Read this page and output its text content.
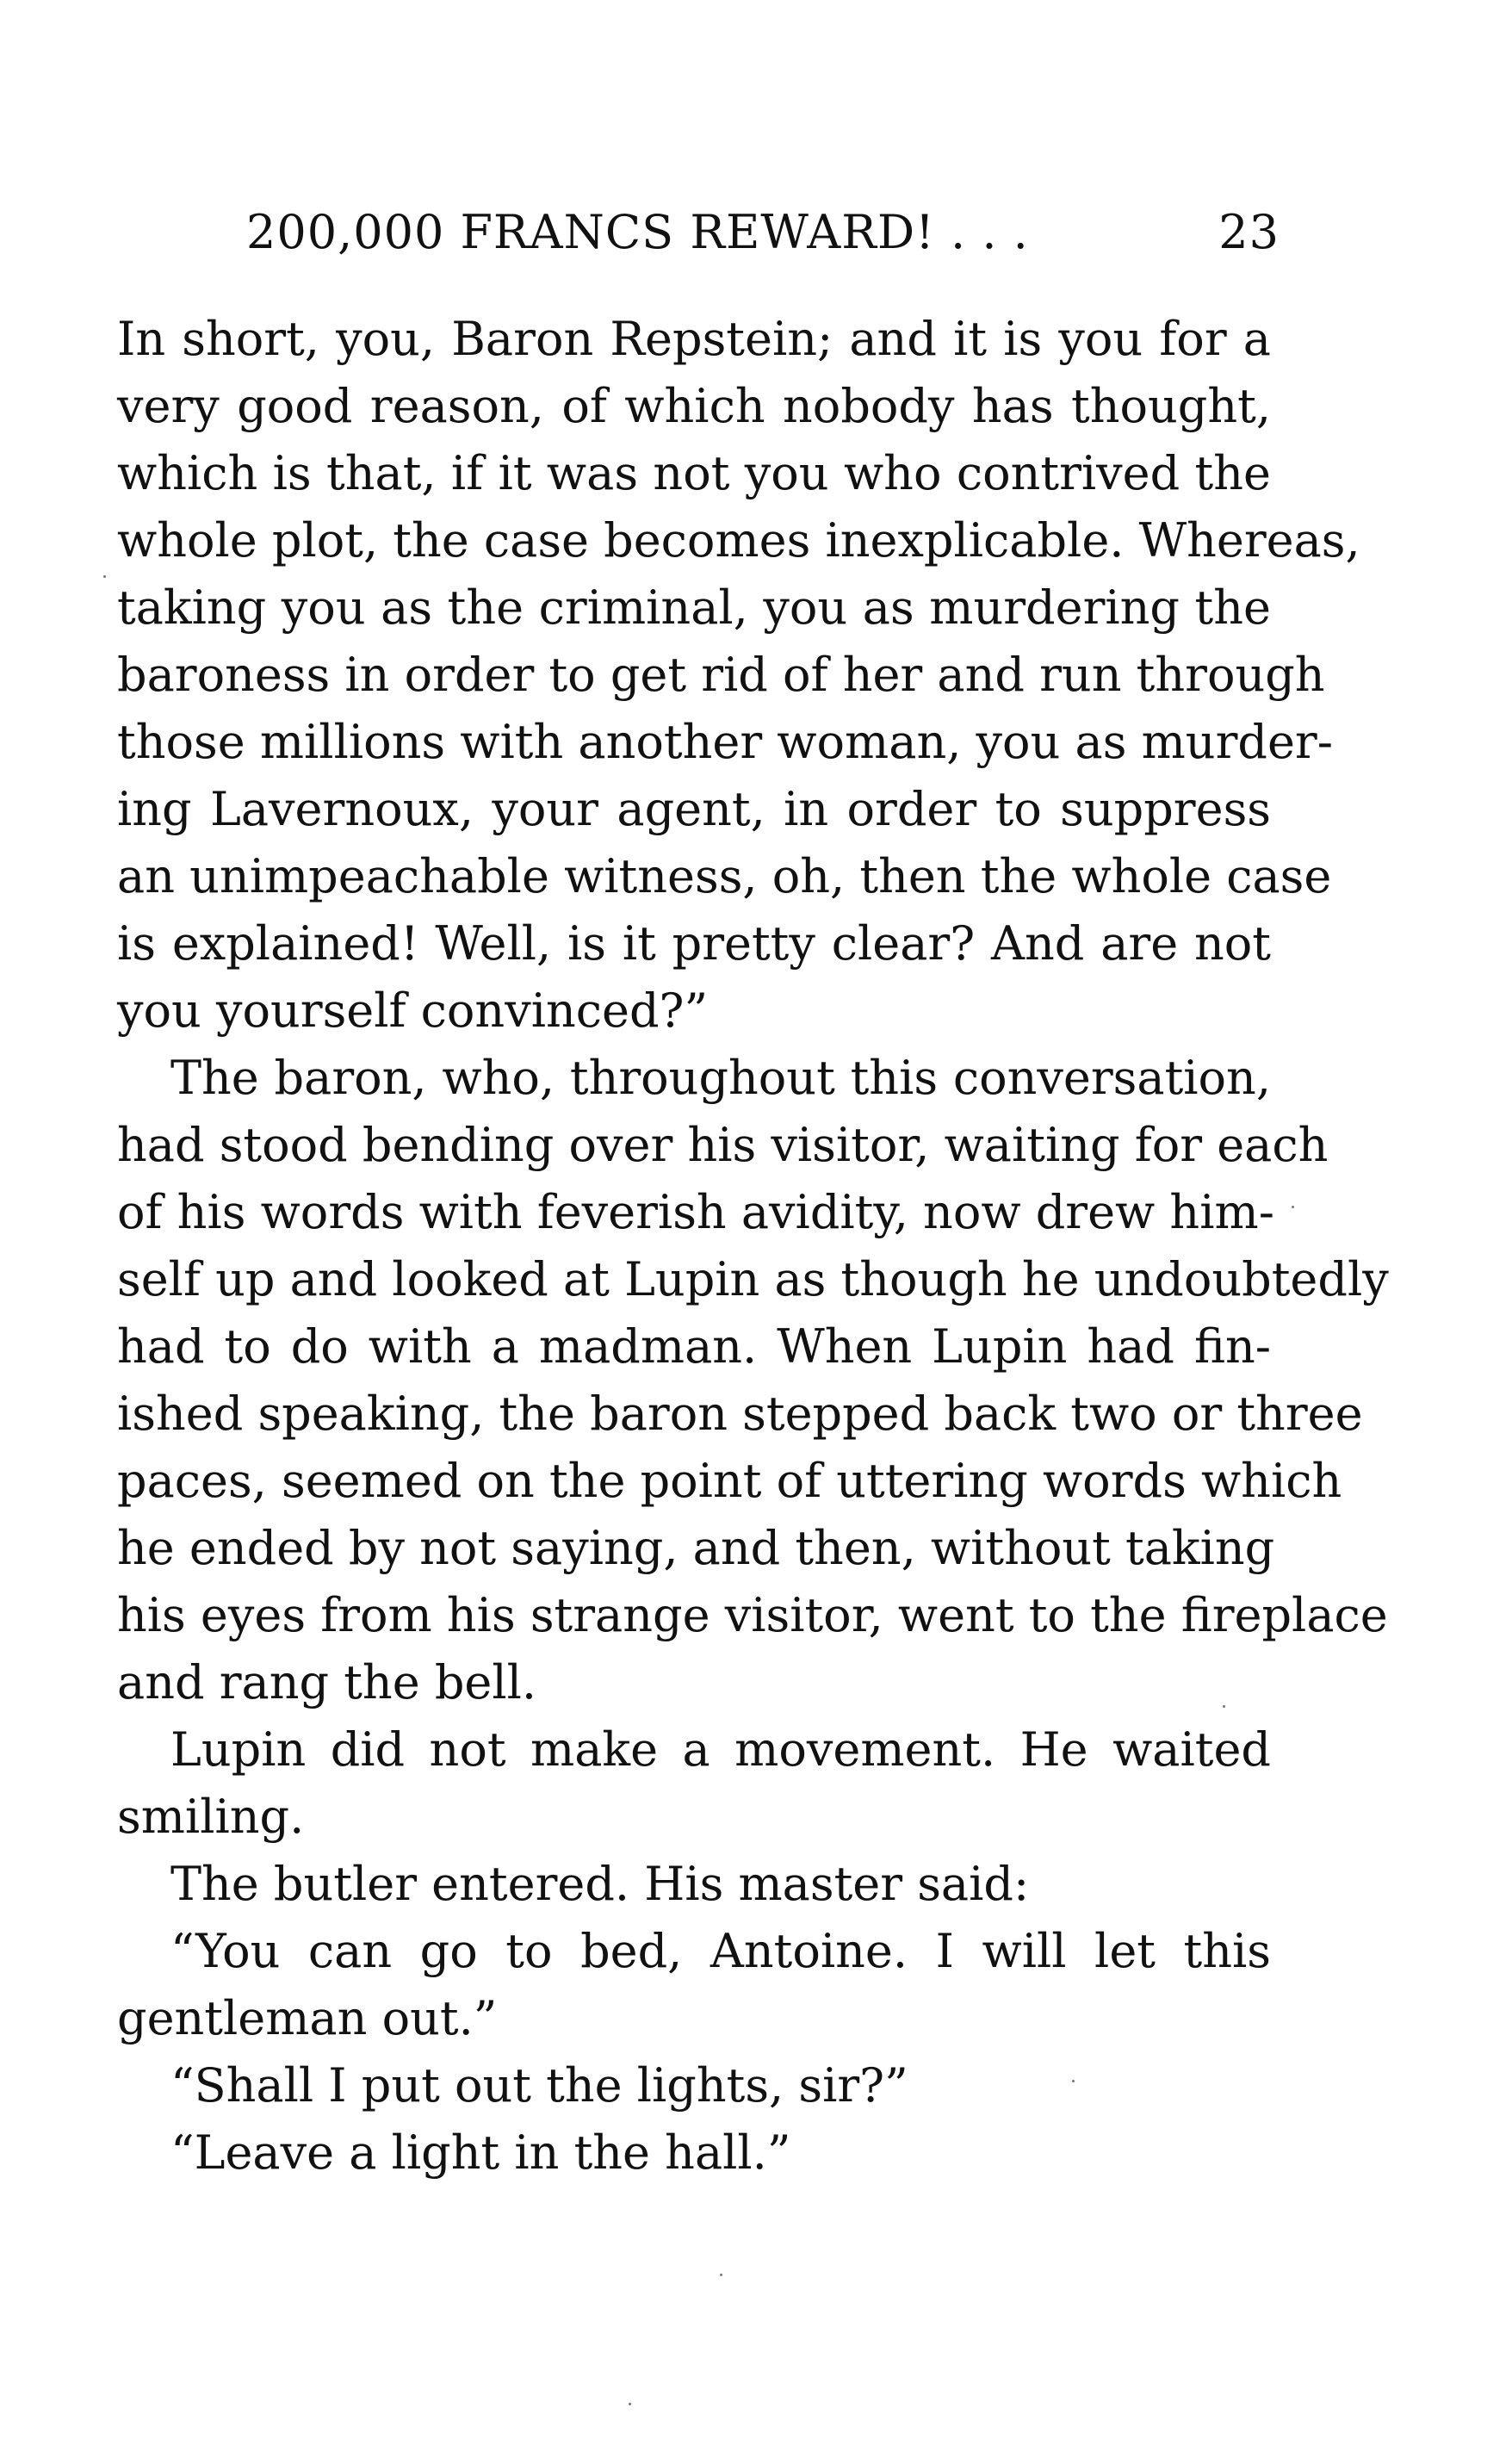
200,000 FRANCS REWARD! . . .	23
In short, you, Baron Repstein; and it is you for a
very good reason, of which nobody has thought,
which is that, if it was not you who contrived the
whole plot, the case becomes inexplicable. Whereas,
taking you as the criminal, you as murdering the
baroness in order to get rid of her and run through
those millions with another woman, you as murder-
ing Lavernoux, your agent, in order to suppress
an unimpeachable witness, oh, then the whole case
is explained! Well, is it pretty clear? And are not
you yourself convinced?”
The baron, who, throughout this conversation,
had stood bending over his visitor, waiting for each
of his words with feverish avidity, now drew him-
self up and looked at Lupin as though he undoubtedly
had to do with a madman. When Lupin had fin-
ished speaking, the baron stepped back two or three
paces, seemed on the point of uttering words which
he ended by not saying, and then, without taking
his eyes from his strange visitor, went to the fireplace
and rang the bell.
Lupin did not make a movement. He waited
smiling.
The butler entered. His master said:
“You can go to bed, Antoine. I will let this
gentleman out.”
“Shall I put out the lights, sir?”
“Leave a light in the hall.”
